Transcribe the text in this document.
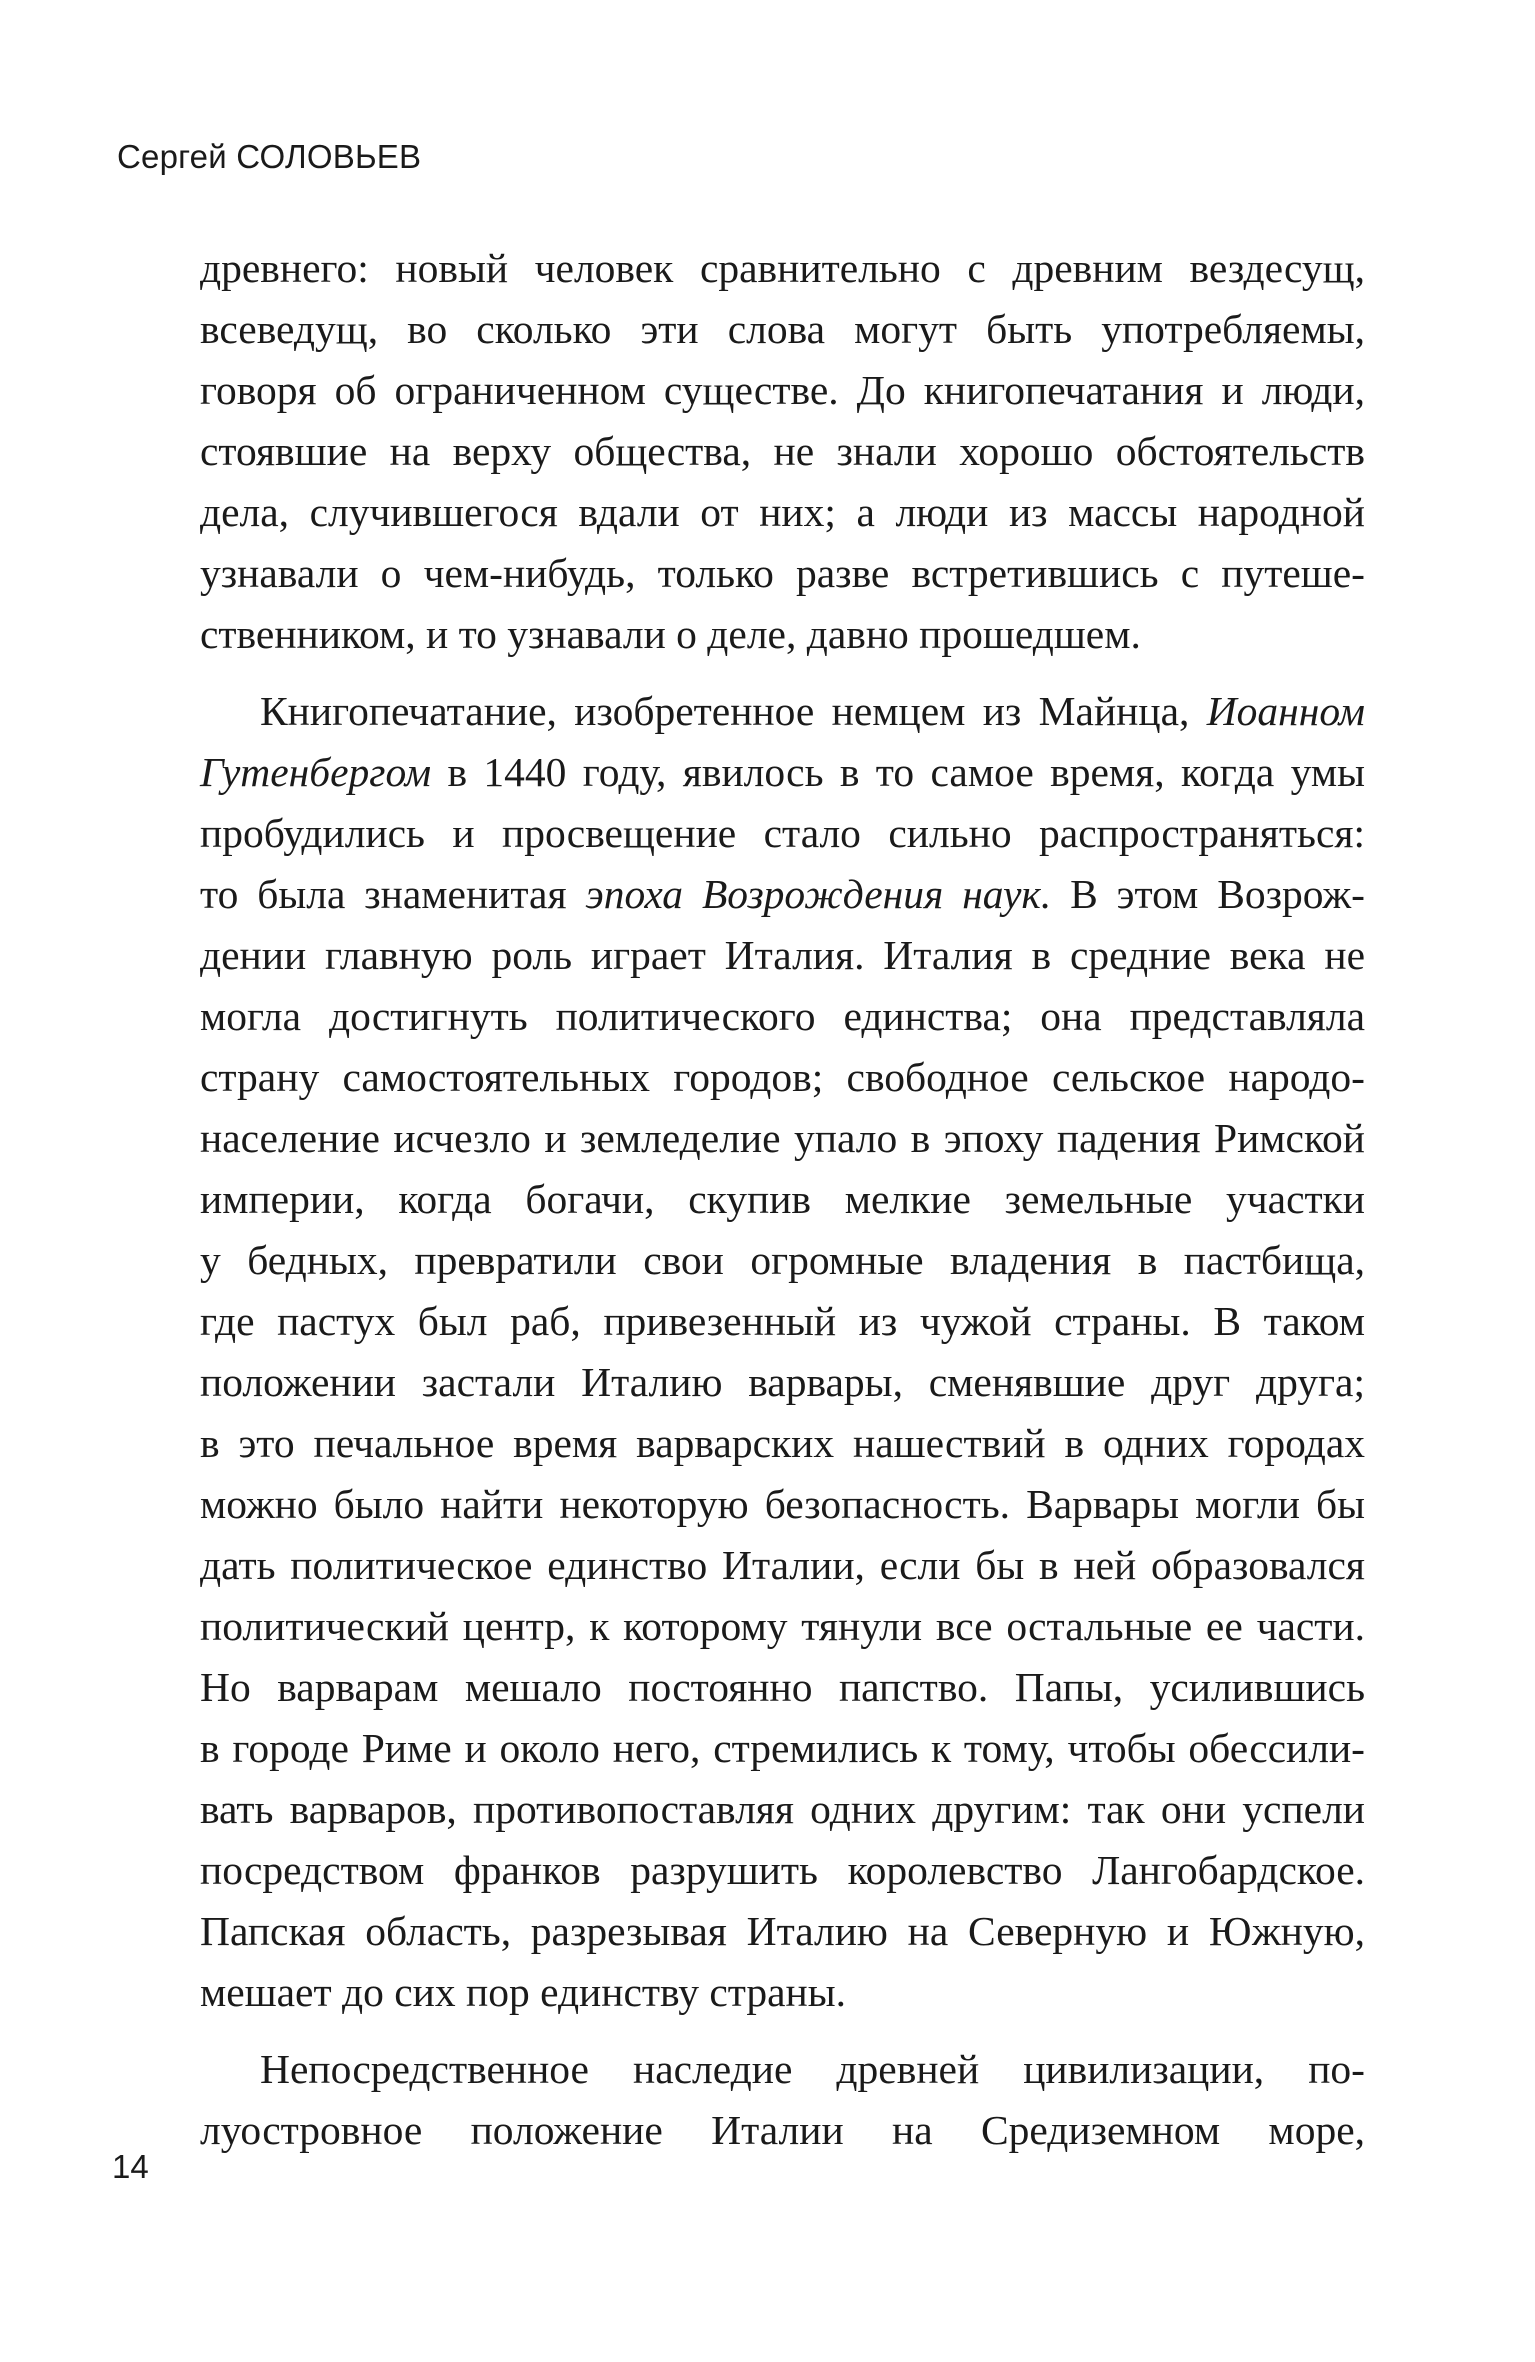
Сергей СОЛОВЬЕВ
древнего: новый человек сравнительно с древним вездесущ,
всеведущ, во сколько эти слова могут быть употребляемы,
говоря об ограниченном существе. До книгопечатания и люди,
стоявшие на верху общества, не знали хорошо обстоятельств
дела, случившегося вдали от них; а люди из массы народной
узнавали о чем-нибудь, только разве встретившись с путеше-
ственником, и то узнавали о деле, давно прошедшем.
Книгопечатание, изобретенное немцем из Майнца, Иоанном
Гутенбергом в 1440 году, явилось в то самое время, когда умы
пробудились и просвещение стало сильно распространяться:
то была знаменитая эпоха Возрождения наук. В этом Возрож-
дении главную роль играет Италия. Италия в средние века не
могла достигнуть политического единства; она представляла
страну самостоятельных городов; свободное сельское народо-
население исчезло и земледелие упало в эпоху падения Римской
империи, когда богачи, скупив мелкие земельные участки
у бедных, превратили свои огромные владения в пастбища,
где пастух был раб, привезенный из чужой страны. В таком
положении застали Италию варвары, сменявшие друг друга;
в это печальное время варварских нашествий в одних городах
можно было найти некоторую безопасность. Варвары могли бы
дать политическое единство Италии, если бы в ней образовался
политический центр, к которому тянули все остальные ее части.
Но варварам мешало постоянно папство. Папы, усилившись
в городе Риме и около него, стремились к тому, чтобы обессили-
вать варваров, противопоставляя одних другим: так они успели
посредством франков разрушить королевство Лангобардское.
Папская область, разрезывая Италию на Северную и Южную,
мешает до сих пор единству страны.
Непосредственное наследие древней цивилизации, по-
луостровное положение Италии на Средиземном море,
14
